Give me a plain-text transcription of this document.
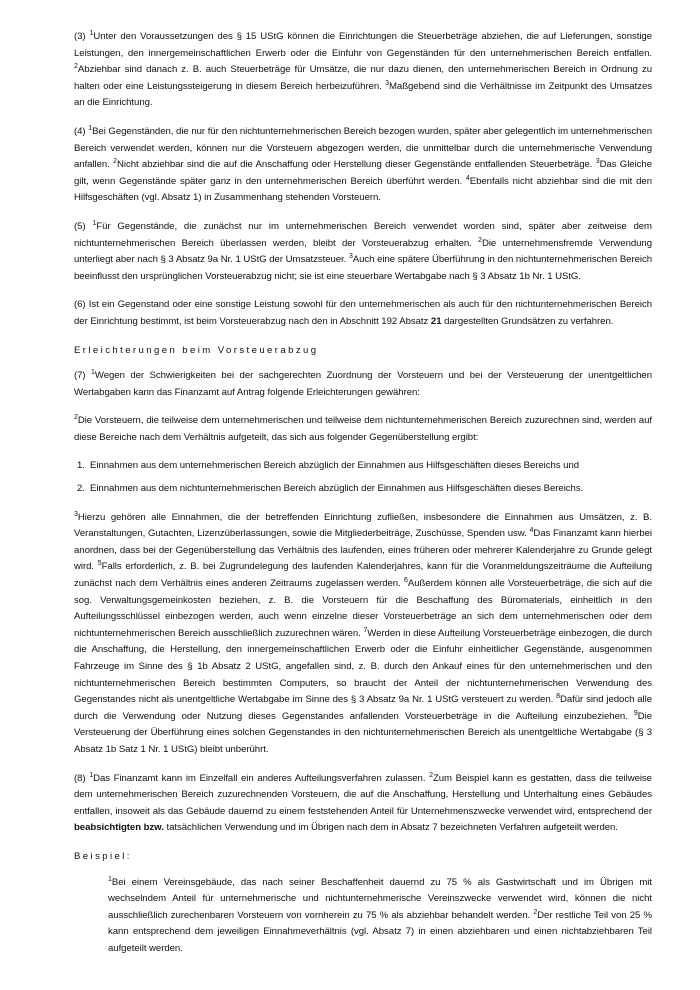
(3) $^1$Unter den Voraussetzungen des § 15 UStG können die Einrichtungen die Steuerbeträge abziehen, die auf Lieferungen, sonstige Leistungen, den innergemeinschaftlichen Erwerb oder die Einfuhr von Gegenständen für den unternehmerischen Bereich entfallen. $^2$Abziehbar sind danach z. B. auch Steuerbeträge für Umsätze, die nur dazu dienen, den unternehmerischen Bereich in Ordnung zu halten oder eine Leistungssteigerung in diesem Bereich herbeizuführen. $^3$Maßgebend sind die Verhältnisse im Zeitpunkt des Umsatzes an die Einrichtung.

(4) $^1$Bei Gegenständen, die nur für den nichtunternehmerischen Bereich bezogen wurden, später aber gelegentlich im unternehmerischen Bereich verwendet werden, können nur die Vorsteuern abgezogen werden, die unmittelbar durch die unternehmerische Verwendung anfallen. $^2$Nicht abziehbar sind die auf die Anschaffung oder Herstellung dieser Gegenstände entfallenden Steuerbeträge. $^3$Das Gleiche gilt, wenn Gegenstände später ganz in den unternehmerischen Bereich überführt werden. $^4$Ebenfalls nicht abziehbar sind die mit den Hilfsgeschäften (vgl. Absatz 1) in Zusammenhang stehenden Vorsteuern.

(5) $^1$Für Gegenstände, die zunächst nur im unternehmerischen Bereich verwendet worden sind, später aber zeitweise dem nichtunternehmerischen Bereich überlassen werden, bleibt der Vorsteuerabzug erhalten. $^2$Die unternehmensfremde Verwendung unterliegt aber nach § 3 Absatz 9a Nr. 1 UStG der Umsatzsteuer. $^3$Auch eine spätere Überführung in den nichtunternehmerischen Bereich beeinflusst den ursprünglichen Vorsteuerabzug nicht; sie ist eine steuerbare Wertabgabe nach § 3 Absatz 1b Nr. 1 UStG.

(6) Ist ein Gegenstand oder eine sonstige Leistung sowohl für den unternehmerischen als auch für den nichtunternehmerischen Bereich der Einrichtung bestimmt, ist beim Vorsteuerabzug nach den in Abschnitt 192 Absatz 21 dargestellten Grundsätzen zu verfahren.

Erleichterungen beim Vorsteuerabzug

(7) $^1$Wegen der Schwierigkeiten bei der sachgerechten Zuordnung der Vorsteuern und bei der Versteuerung der unentgeltlichen Wertabgaben kann das Finanzamt auf Antrag folgende Erleichterungen gewähren:

$^2$Die Vorsteuern, die teilweise dem unternehmerischen und teilweise dem nichtunternehmerischen Bereich zuzurechnen sind, werden auf diese Bereiche nach dem Verhältnis aufgeteilt, das sich aus folgender Gegenüberstellung ergibt:

1. Einnahmen aus dem unternehmerischen Bereich abzüglich der Einnahmen aus Hilfsgeschäften dieses Bereichs und
2. Einnahmen aus dem nichtunternehmerischen Bereich abzüglich der Einnahmen aus Hilfsgeschäften dieses Bereichs.

$^3$Hierzu gehören alle Einnahmen, die der betreffenden Einrichtung zufließen, insbesondere die Einnahmen aus Umsätzen, z. B. Veranstaltungen, Gutachten, Lizenzüberlassungen, sowie die Mitgliederbeiträge, Zuschüsse, Spenden usw. $^4$Das Finanzamt kann hierbei anordnen, dass bei der Gegenüberstellung das Verhältnis des laufenden, eines früheren oder mehrerer Kalenderjahre zu Grunde gelegt wird. $^5$Falls erforderlich, z. B. bei Zugrundelegung des laufenden Kalenderjahres, kann für die Voranmeldungszeiträume die Aufteilung zunächst nach dem Verhältnis eines anderen Zeitraums zugelassen werden. $^6$Außerdem können alle Vorsteuerbeträge, die sich auf die sog. Verwaltungsgemeinkosten beziehen, z. B. die Vorsteuern für die Beschaffung des Büromaterials, einheitlich in den Aufteilungsschlüssel einbezogen werden, auch wenn einzelne dieser Vorsteuerbeträge an sich dem unternehmerischen oder dem nichtunternehmerischen Bereich ausschließlich zuzurechnen wären. $^7$Werden in diese Aufteilung Vorsteuerbeträge einbezogen, die durch die Anschaffung, die Herstellung, den innergemeinschaftlichen Erwerb oder die Einfuhr einheitlicher Gegenstände, ausgenommen Fahrzeuge im Sinne des § 1b Absatz 2 UStG, angefallen sind, z. B. durch den Ankauf eines für den unternehmerischen und den nichtunternehmerischen Bereich bestimmten Computers, so braucht der Anteil der nichtunternehmerischen Verwendung des Gegenstandes nicht als unentgeltliche Wertabgabe im Sinne des § 3 Absatz 9a Nr. 1 UStG versteuert zu werden. $^8$Dafür sind jedoch alle durch die Verwendung oder Nutzung dieses Gegenstandes anfallenden Vorsteuerbeträge in die Aufteilung einzubeziehen. $^9$Die Versteuerung der Überführung eines solchen Gegenstandes in den nichtunternehmerischen Bereich als unentgeltliche Wertabgabe (§ 3 Absatz 1b Satz 1 Nr. 1 UStG) bleibt unberührt.

(8) $^1$Das Finanzamt kann im Einzelfall ein anderes Aufteilungsverfahren zulassen. $^2$Zum Beispiel kann es gestatten, dass die teilweise dem unternehmerischen Bereich zuzurechnenden Vorsteuern, die auf die Anschaffung, Herstellung und Unterhaltung eines Gebäudes entfallen, insoweit als das Gebäude dauernd zu einem feststehenden Anteil für Unternehmenszwecke verwendet wird, entsprechend der beabsichtigten bzw. tatsächlichen Verwendung und im Übrigen nach dem in Absatz 7 bezeichneten Verfahren aufgeteilt werden.

Beispiel:

$^1$Bei einem Vereinsgebäude, das nach seiner Beschaffenheit dauernd zu 75 % als Gastwirtschaft und im Übrigen mit wechselndem Anteil für unternehmerische und nichtunternehmerische Vereinszwecke verwendet wird, können die nicht ausschließlich zurechenbaren Vorsteuern von vornherein zu 75 % als abziehbar behandelt werden. $^2$Der restliche Teil von 25 % kann entsprechend dem jeweiligen Einnahmeverhältnis (vgl. Absatz 7) in einen abziehbaren und einen nichtabziehbaren Teil aufgeteilt werden.
